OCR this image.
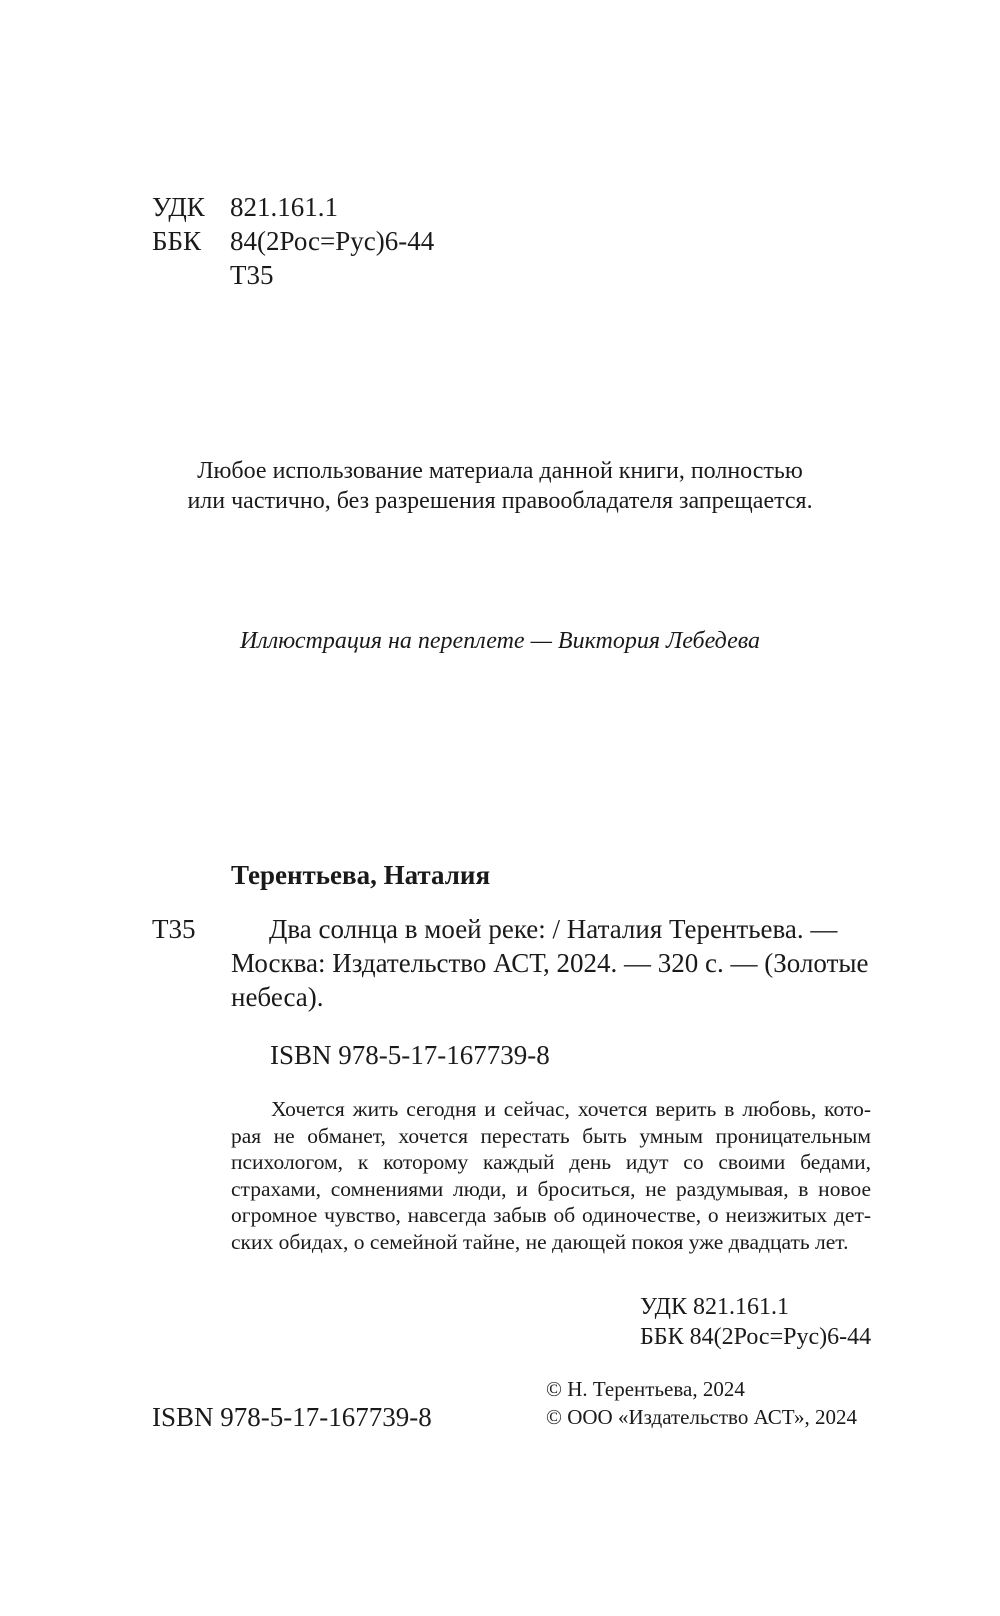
УДК 821.161.1
ББК 84(2Рос=Рус)6-44
Т35
Любое использование материала данной книги, полностью
или частично, без разрешения правообладателя запрещается.
Иллюстрация на переплете — Виктория Лебедева
Терентьева, Наталия
Т35	Два солнца в моей реке: / Наталия Терентьева. —
Москва: Издательство АСТ, 2024. — 320 с. — (Золотые
небеса).
ISBN 978-5-17-167739-8
Хочется жить сегодня и сейчас, хочется верить в любовь, кото-
рая не обманет, хочется перестать быть умным проницательным
психологом, к которому каждый день идут со своими бедами,
страхами, сомнениями люди, и броситься, не раздумывая, в новое
огромное чувство, навсегда забыв об одиночестве, о неизжитых дет-
ских обидах, о семейной тайне, не дающей покоя уже двадцать лет.
УДК 821.161.1
ББК 84(2Рос=Рус)6-44
ISBN 978-5-17-167739-8
© Н. Терентьева, 2024
© ООО «Издательство АСТ», 2024
